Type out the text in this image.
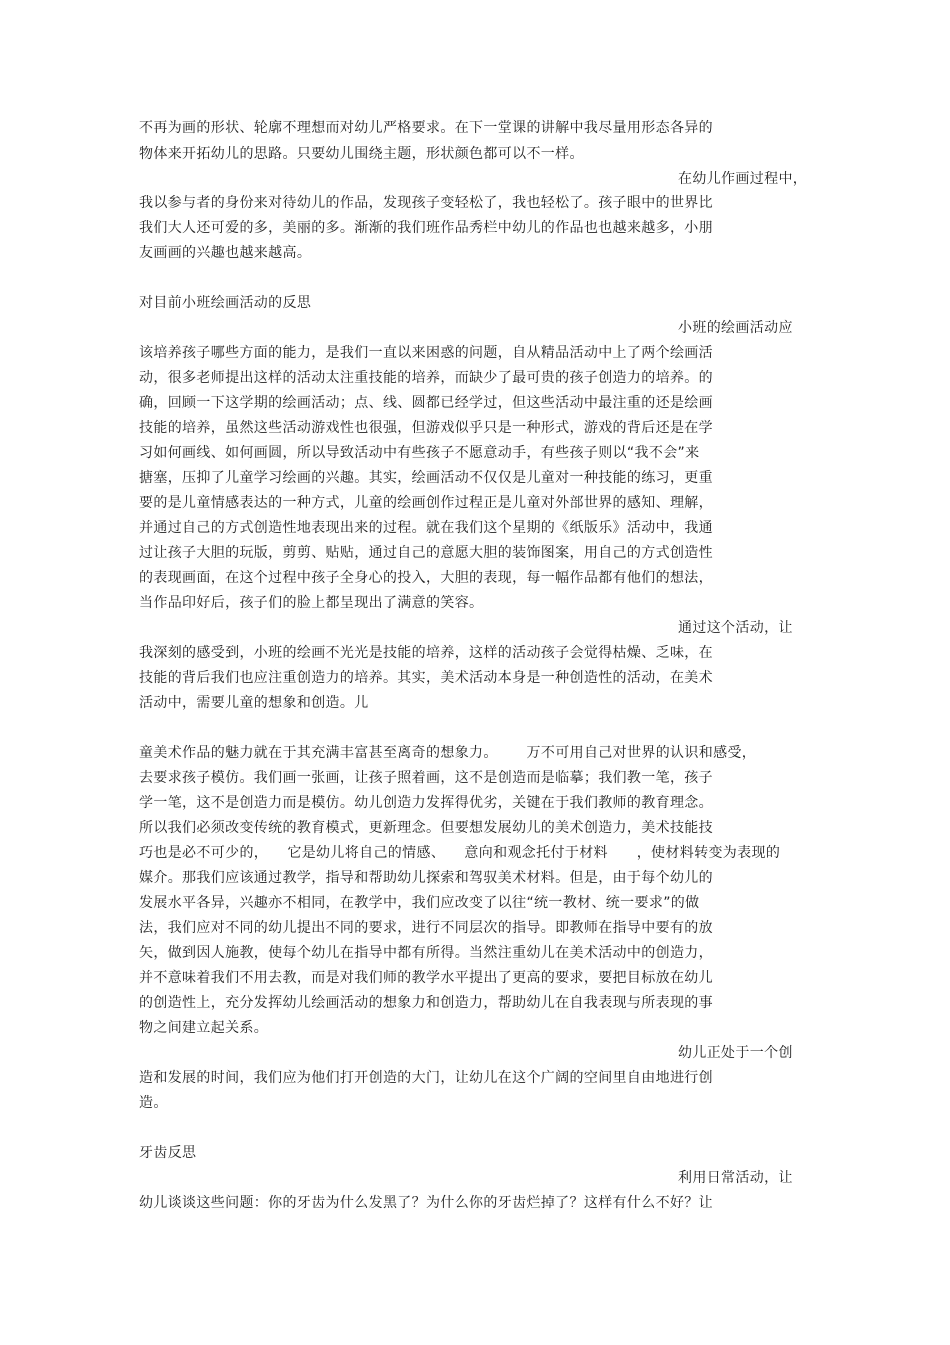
不再为画的形状、轮廓不理想而对幼儿严格要求。在下一堂课的讲解中我尽量用形态各异的
物体来开拓幼儿的思路。只要幼儿围绕主题，形状颜色都可以不一样。
在幼儿作画过程中，
我以参与者的身份来对待幼儿的作品，发现孩子变轻松了，我也轻松了。孩子眼中的世界比
我们大人还可爱的多，美丽的多。渐渐的我们班作品秀栏中幼儿的作品也也越来越多，小朋
友画画的兴趣也越来越高。
对目前小班绘画活动的反思
小班的绘画活动应
该培养孩子哪些方面的能力，是我们一直以来困惑的问题，自从精品活动中上了两个绘画活
动，很多老师提出这样的活动太注重技能的培养，而缺少了最可贵的孩子创造力的培养。的
确，回顾一下这学期的绘画活动；点、线、圆都已经学过，但这些活动中最注重的还是绘画
技能的培养，虽然这些活动游戏性也很强，但游戏似乎只是一种形式，游戏的背后还是在学
习如何画线、如何画圆，所以导致活动中有些孩子不愿意动手，有些孩子则以“我不会”来
搪塞，压抑了儿童学习绘画的兴趣。其实，绘画活动不仅仅是儿童对一种技能的练习，更重
要的是儿童情感表达的一种方式，儿童的绘画创作过程正是儿童对外部世界的感知、理解，
并通过自己的方式创造性地表现出来的过程。就在我们这个星期的《纸版乐》活动中，我通
过让孩子大胆的玩版，剪剪、贴贴，通过自己的意愿大胆的装饰图案，用自己的方式创造性
的表现画面，在这个过程中孩子全身心的投入，大胆的表现，每一幅作品都有他们的想法，
当作品印好后，孩子们的脸上都呈现出了满意的笑容。
通过这个活动，让
我深刻的感受到，小班的绘画不光光是技能的培养，这样的活动孩子会觉得枯燥、乏味，在
技能的背后我们也应注重创造力的培养。其实，美术活动本身是一种创造性的活动，在美术
活动中，需要儿童的想象和创造。儿
童美术作品的魅力就在于其充满丰富甚至离奇的想象力。      万不可用自己对世界的认识和感受，
去要求孩子模仿。我们画一张画，让孩子照着画，这不是创造而是临摹；我们教一笔，孩子
学一笔，这不是创造力而是模仿。幼儿创造力发挥得优劣，关键在于我们教师的教育理念。
所以我们必须改变传统的教育模式，更新理念。但要想发展幼儿的美术创造力，美术技能技
巧也是必不可少的，    它是幼儿将自己的情感、    意向和观念托付于材料      ，使材料转变为表现的
媒介。那我们应该通过教学，指导和帮助幼儿探索和驾驭美术材料。但是，由于每个幼儿的
发展水平各异，兴趣亦不相同，在教学中，我们应改变了以往“统一教材、统一要求”的做
法，我们应对不同的幼儿提出不同的要求，进行不同层次的指导。即教师在指导中要有的放
矢，做到因人施教，使每个幼儿在指导中都有所得。当然注重幼儿在美术活动中的创造力，
并不意味着我们不用去教，而是对我们师的教学水平提出了更高的要求，要把目标放在幼儿
的创造性上，充分发挥幼儿绘画活动的想象力和创造力，帮助幼儿在自我表现与所表现的事
物之间建立起关系。
幼儿正处于一个创
造和发展的时间，我们应为他们打开创造的大门，让幼儿在这个广阔的空间里自由地进行创
造。
牙齿反思
利用日常活动，让
幼儿谈谈这些问题：你的牙齿为什么发黑了？为什么你的牙齿烂掉了？这样有什么不好？让
